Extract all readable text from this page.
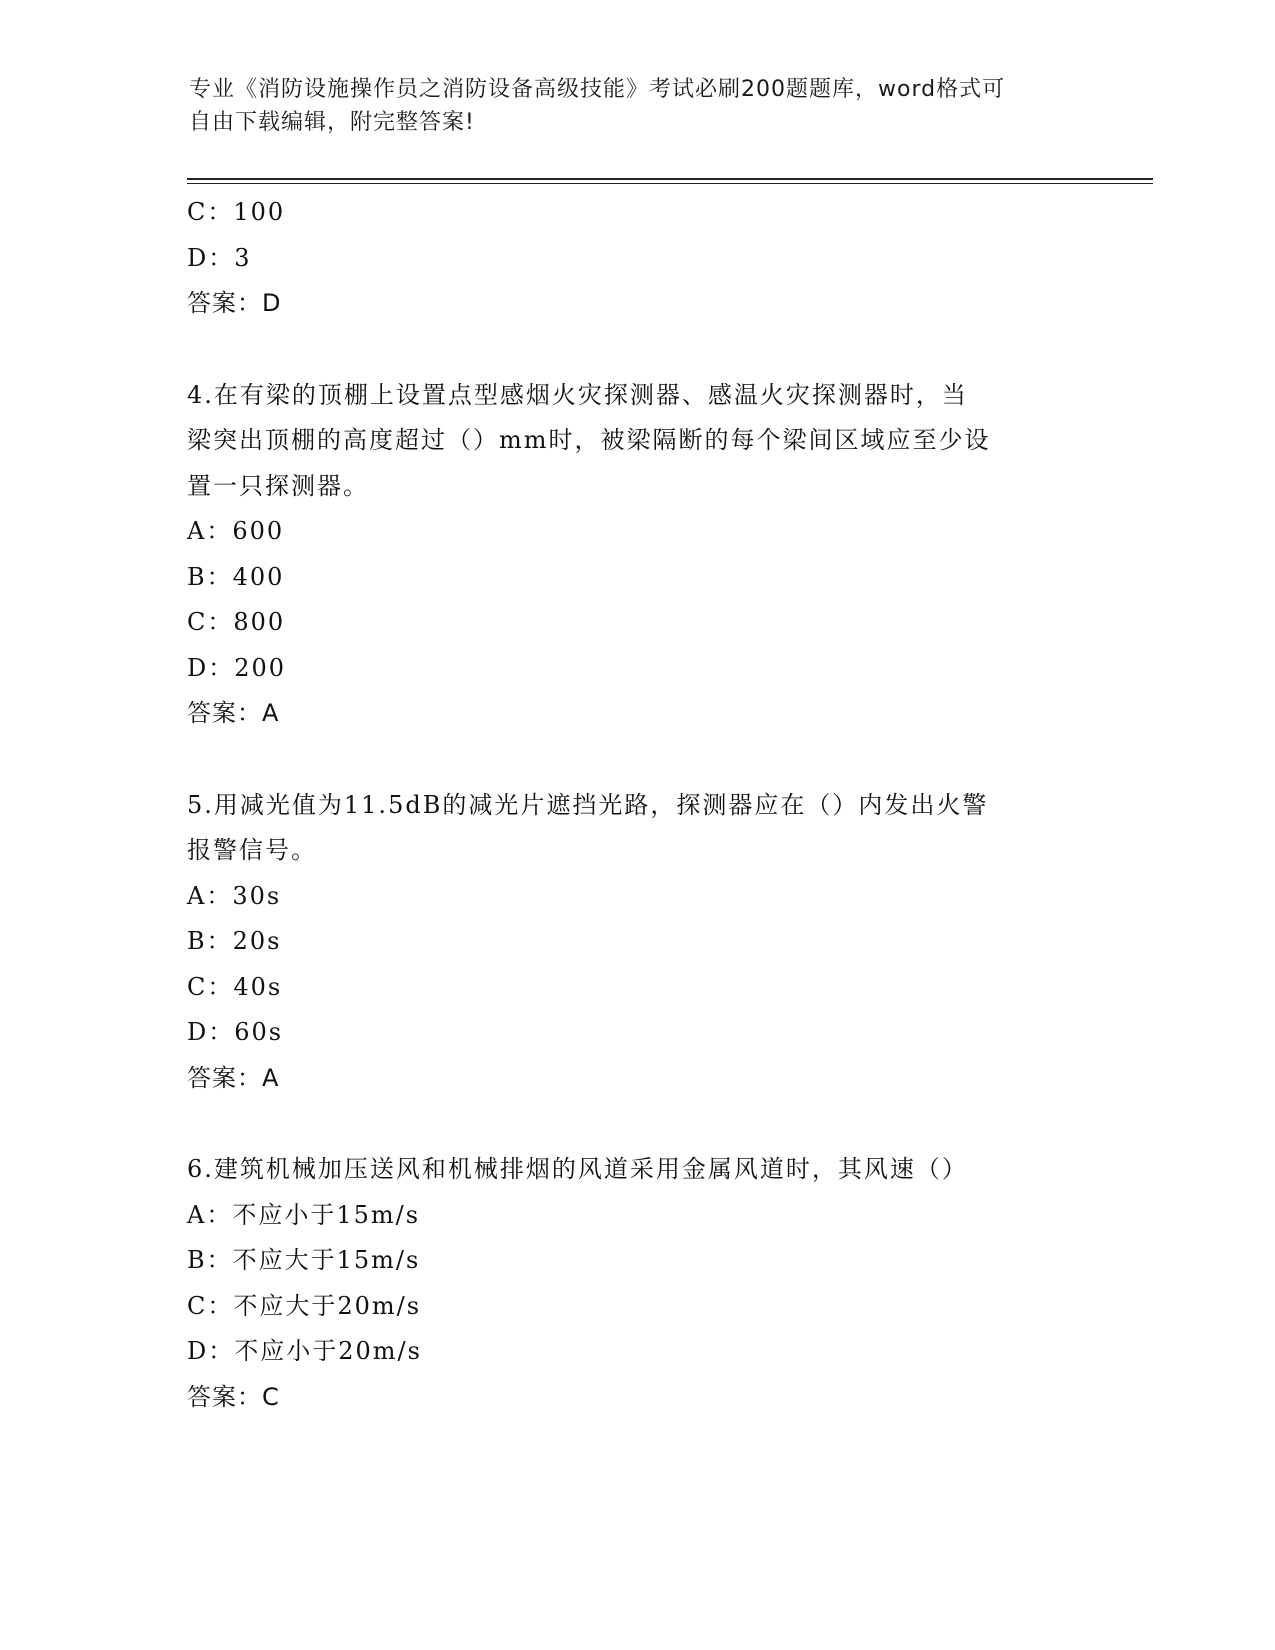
专业《消防设施操作员之消防设备高级技能》考试必刷200题题库，word格式可
自由下载编辑，附完整答案!
C：100
D：3
答案：D
4.在有梁的顶棚上设置点型感烟火灾探测器、感温火灾探测器时，当
梁突出顶棚的高度超过（）mm时，被梁隔断的每个梁间区域应至少设
置一只探测器。
A：600
B：400
C：800
D：200
答案：A
5.用减光值为11.5dB的减光片遮挡光路，探测器应在（）内发出火警
报警信号。
A：30s
B：20s
C：40s
D：60s
答案：A
6.建筑机械加压送风和机械排烟的风道采用金属风道时，其风速（）
A：不应小于15m/s
B：不应大于15m/s
C：不应大于20m/s
D：不应小于20m/s
答案：C
